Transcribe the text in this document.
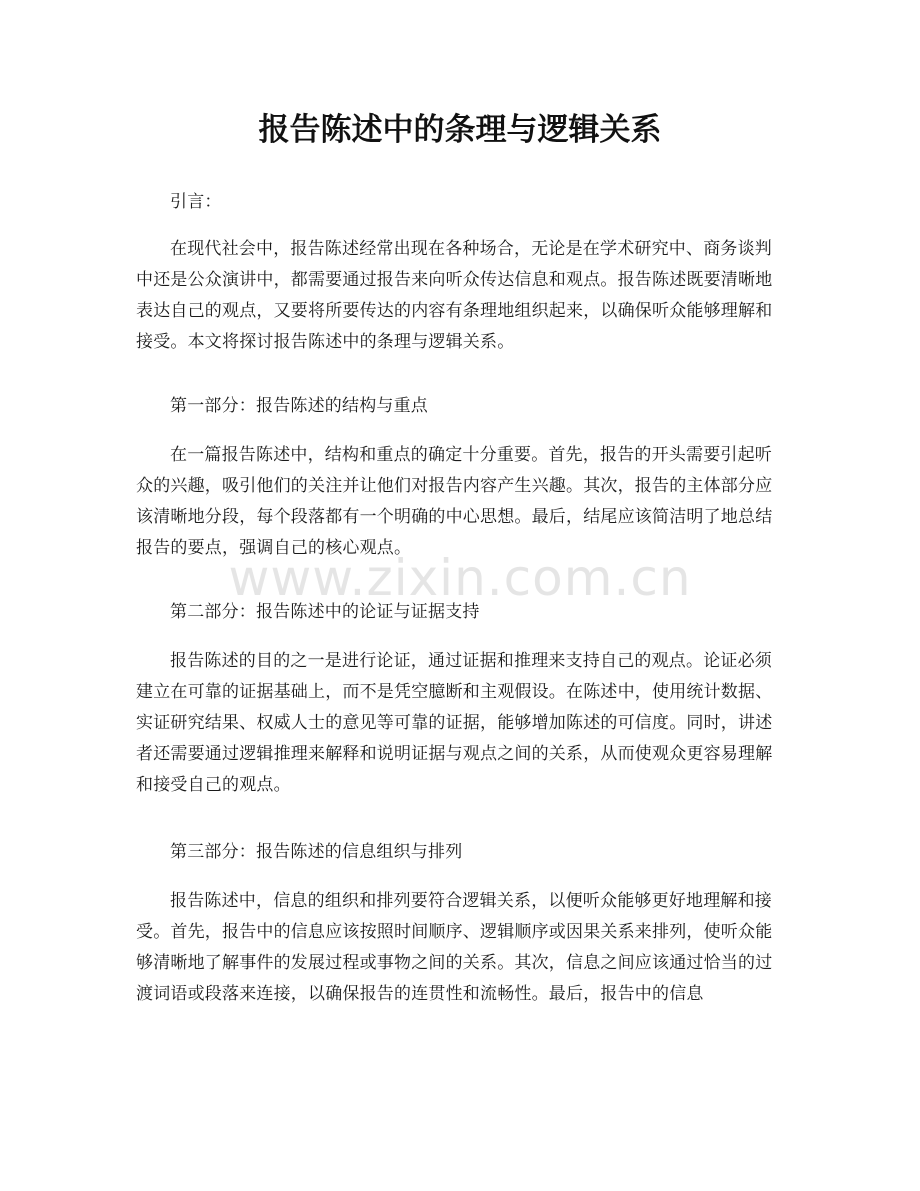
报告陈述中的条理与逻辑关系

引言：

在现代社会中，报告陈述经常出现在各种场合，无论是在学术研究中、商务谈判中还是公众演讲中，都需要通过报告来向听众传达信息和观点。报告陈述既要清晰地表达自己的观点，又要将所要传达的内容有条理地组织起来，以确保听众能够理解和接受。本文将探讨报告陈述中的条理与逻辑关系。

第一部分：报告陈述的结构与重点

在一篇报告陈述中，结构和重点的确定十分重要。首先，报告的开头需要引起听众的兴趣，吸引他们的关注并让他们对报告内容产生兴趣。其次，报告的主体部分应该清晰地分段，每个段落都有一个明确的中心思想。最后，结尾应该简洁明了地总结报告的要点，强调自己的核心观点。

第二部分：报告陈述中的论证与证据支持

报告陈述的目的之一是进行论证，通过证据和推理来支持自己的观点。论证必须建立在可靠的证据基础上，而不是凭空臆断和主观假设。在陈述中，使用统计数据、实证研究结果、权威人士的意见等可靠的证据，能够增加陈述的可信度。同时，讲述者还需要通过逻辑推理来解释和说明证据与观点之间的关系，从而使观众更容易理解和接受自己的观点。

第三部分：报告陈述的信息组织与排列

报告陈述中，信息的组织和排列要符合逻辑关系，以便听众能够更好地理解和接受。首先，报告中的信息应该按照时间顺序、逻辑顺序或因果关系来排列，使听众能够清晰地了解事件的发展过程或事物之间的关系。其次，信息之间应该通过恰当的过渡词语或段落来连接，以确保报告的连贯性和流畅性。最后，报告中的信息

www.zixin.com.cn
